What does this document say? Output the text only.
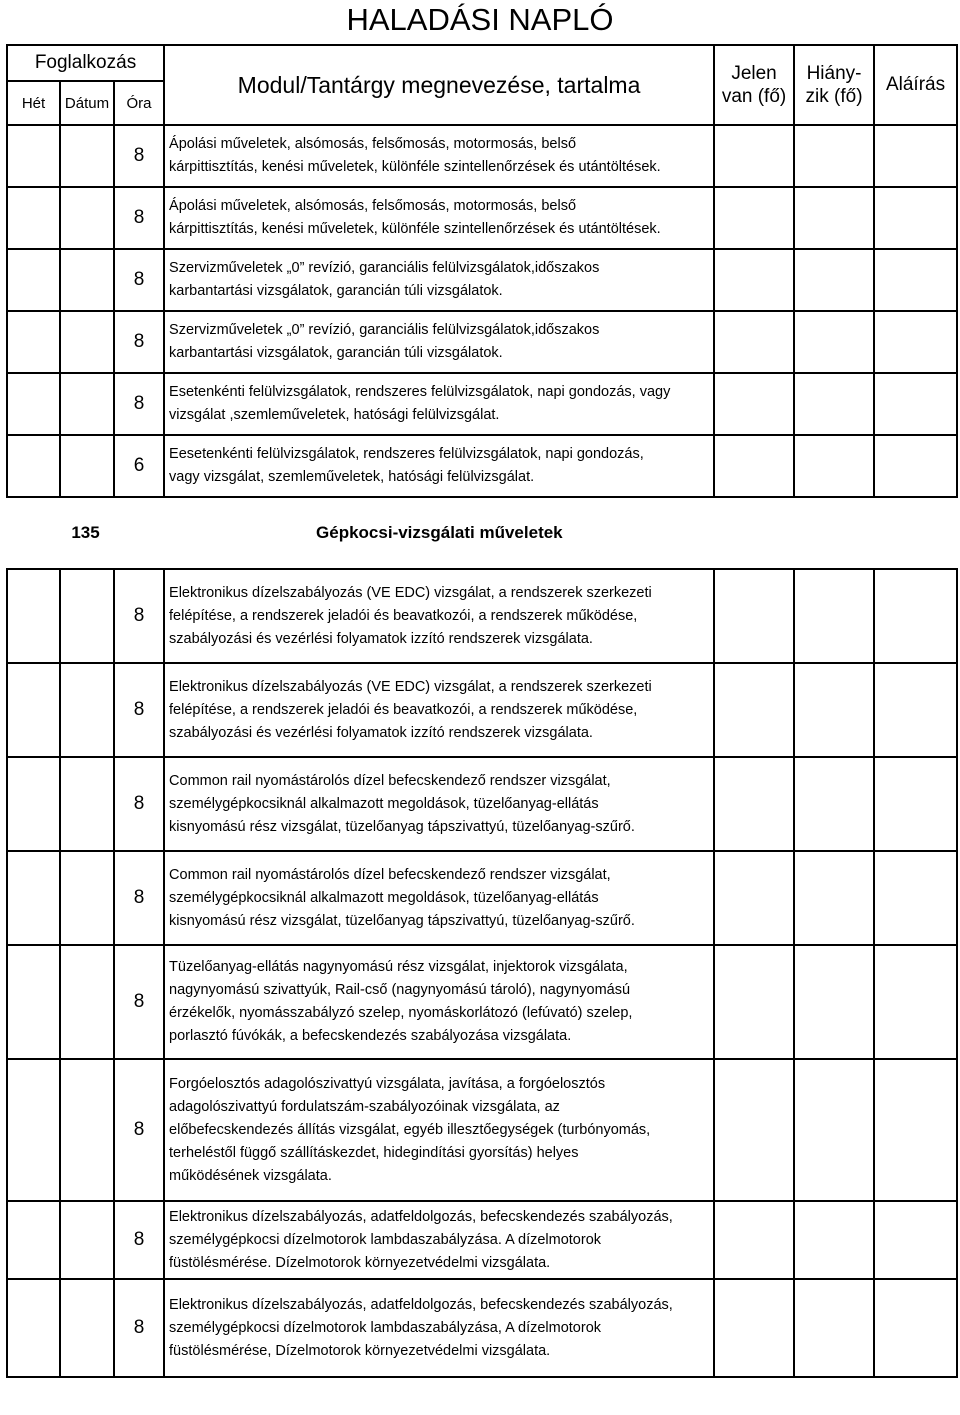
HALADÁSI NAPLÓ
Foglalkozás			Modul/Tantárgy megnevezése, tartalma	Jelen
van (fő)	Hiány-
zik (fő)	Aláírás
Hét	Dátum	Óra				
		8	Ápolási műveletek, alsómosás, felsőmosás, motormosás, belső
kárpittisztítás, kenési műveletek, különféle szintellenőrzések és utántöltések.			

		8	Ápolási műveletek, alsómosás, felsőmosás, motormosás, belső
kárpittisztítás, kenési műveletek, különféle szintellenőrzések és utántöltések.			

		8	Szervizműveletek „0” revízió, garanciális felülvizsgálatok,időszakos
karbantartási vizsgálatok, garancián túli vizsgálatok.			

		8	Szervizműveletek „0” revízió, garanciális felülvizsgálatok,időszakos
karbantartási vizsgálatok, garancián túli vizsgálatok.			

		8	Esetenkénti felülvizsgálatok, rendszeres felülvizsgálatok, napi gondozás, vagy
vizsgálat ,szemleműveletek, hatósági felülvizsgálat.			

		6	Eesetenkénti felülvizsgálatok, rendszeres felülvizsgálatok, napi gondozás,
vagy vizsgálat, szemleműveletek, hatósági felülvizsgálat.			

135			Gépkocsi-vizsgálati műveletek			

		8	Elektronikus dízelszabályozás (VE EDC) vizsgálat, a rendszerek szerkezeti
felépítése, a rendszerek jeladói és beavatkozói, a rendszerek működése,
szabályozási és vezérlési folyamatok izzító rendszerek vizsgálata.			

		8	Elektronikus dízelszabályozás (VE EDC) vizsgálat, a rendszerek szerkezeti
felépítése, a rendszerek jeladói és beavatkozói, a rendszerek működése,
szabályozási és vezérlési folyamatok izzító rendszerek vizsgálata.			

		8	Common rail nyomástárolós dízel befecskendező rendszer vizsgálat,
személygépkocsiknál alkalmazott megoldások, tüzelőanyag-ellátás
kisnyomású rész vizsgálat, tüzelőanyag tápszivattyú, tüzelőanyag-szűrő.			

		8	Common rail nyomástárolós dízel befecskendező rendszer vizsgálat,
személygépkocsiknál alkalmazott megoldások, tüzelőanyag-ellátás
kisnyomású rész vizsgálat, tüzelőanyag tápszivattyú, tüzelőanyag-szűrő.			

		8	Tüzelőanyag-ellátás nagynyomású rész vizsgálat, injektorok vizsgálata,
nagynyomású szivattyúk, Rail-cső (nagynyomású tároló), nagynyomású
érzékelők, nyomásszabályzó szelep, nyomáskorlátozó (lefúvató) szelep,
porlasztó fúvókák, a befecskendezés szabályozása vizsgálata.			

		8	Forgóelosztós adagolószivattyú vizsgálata, javítása, a forgóelosztós
adagolószivattyú fordulatszám-szabályozóinak vizsgálata, az
előbefecskendezés állítás vizsgálat, egyéb illesztőegységek (turbónyomás,
terheléstől függő szállításkezdet, hidegindítási gyorsítás) helyes
működésének vizsgálata.			

		8	Elektronikus dízelszabályozás, adatfeldolgozás, befecskendezés szabályozás,
személygépkocsi dízelmotorok lambdaszabályzása. A dízelmotorok
füstölésmérése. Dízelmotorok környezetvédelmi vizsgálata.			

		8	Elektronikus dízelszabályozás, adatfeldolgozás, befecskendezés szabályozás,
személygépkocsi dízelmotorok lambdaszabályzása, A dízelmotorok
füstölésmérése, Dízelmotorok környezetvédelmi vizsgálata.			
